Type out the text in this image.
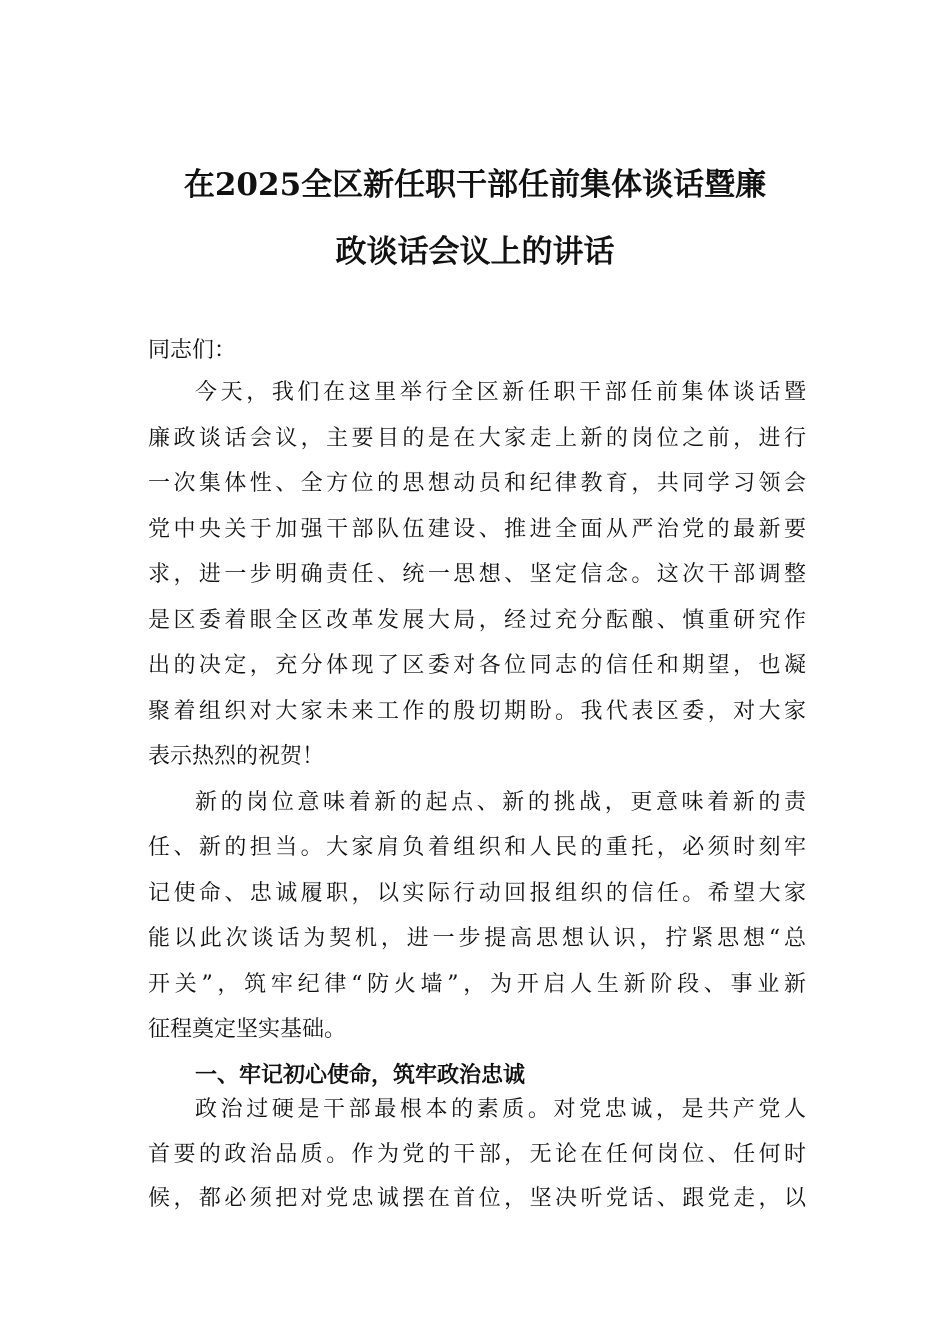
在2025全区新任职干部任前集体谈话暨廉
政谈话会议上的讲话
同志们：
今天，我们在这里举行全区新任职干部任前集体谈话暨
廉政谈话会议，主要目的是在大家走上新的岗位之前，进行
一次集体性、全方位的思想动员和纪律教育，共同学习领会
党中央关于加强干部队伍建设、推进全面从严治党的最新要
求，进一步明确责任、统一思想、坚定信念。这次干部调整
是区委着眼全区改革发展大局，经过充分酝酿、慎重研究作
出的决定，充分体现了区委对各位同志的信任和期望，也凝
聚着组织对大家未来工作的殷切期盼。我代表区委，对大家
表示热烈的祝贺！
新的岗位意味着新的起点、新的挑战，更意味着新的责
任、新的担当。大家肩负着组织和人民的重托，必须时刻牢
记使命、忠诚履职，以实际行动回报组织的信任。希望大家
能以此次谈话为契机，进一步提高思想认识，拧紧思想“总
开关”，筑牢纪律“防火墙”，为开启人生新阶段、事业新
征程奠定坚实基础。
一、牢记初心使命，筑牢政治忠诚
政治过硬是干部最根本的素质。对党忠诚，是共产党人
首要的政治品质。作为党的干部，无论在任何岗位、任何时
候，都必须把对党忠诚摆在首位，坚决听党话、跟党走，以
